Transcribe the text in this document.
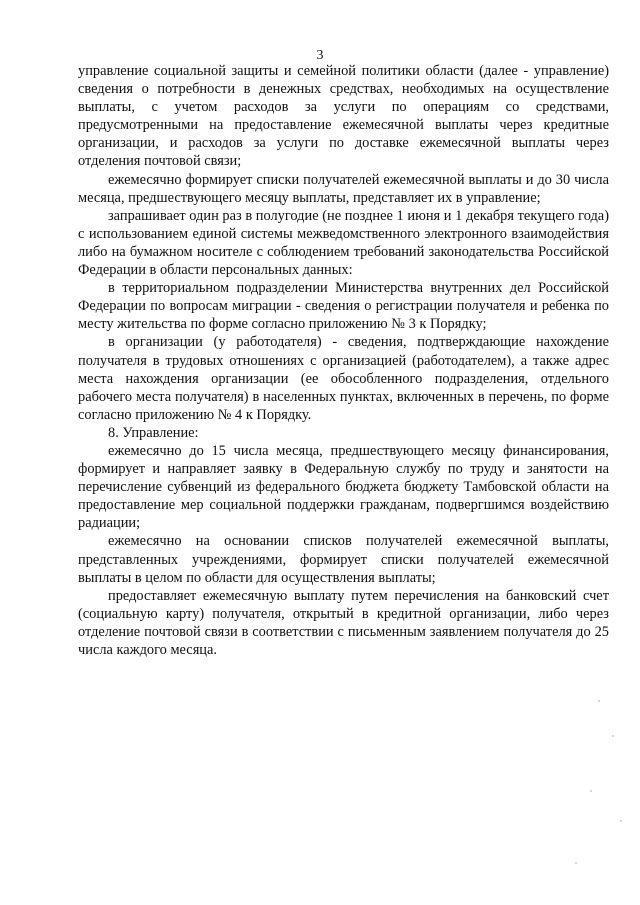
3

управление социальной защиты и семейной политики области (далее - управление) сведения о потребности в денежных средствах, необходимых на осуществление выплаты, с учетом расходов за услуги по операциям со средствами, предусмотренными на предоставление ежемесячной выплаты через кредитные организации, и расходов за услуги по доставке ежемесячной выплаты через отделения почтовой связи;

ежемесячно формирует списки получателей ежемесячной выплаты и до 30 числа месяца, предшествующего месяцу выплаты, представляет их в управление;

запрашивает один раз в полугодие (не позднее 1 июня и 1 декабря текущего года) с использованием единой системы межведомственного электронного взаимодействия либо на бумажном носителе с соблюдением требований законодательства Российской Федерации в области персональных данных:

в территориальном подразделении Министерства внутренних дел Российской Федерации по вопросам миграции - сведения о регистрации получателя и ребенка по месту жительства по форме согласно приложению № 3 к Порядку;

в организации (у работодателя) - сведения, подтверждающие нахождение получателя в трудовых отношениях с организацией (работодателем), а также адрес места нахождения организации (ее обособленного подразделения, отдельного рабочего места получателя) в населенных пунктах, включенных в перечень, по форме согласно приложению № 4 к Порядку.

8. Управление:

ежемесячно до 15 числа месяца, предшествующего месяцу финансирования, формирует и направляет заявку в Федеральную службу по труду и занятости на перечисление субвенций из федерального бюджета бюджету Тамбовской области на предоставление мер социальной поддержки гражданам, подвергшимся воздействию радиации;

ежемесячно на основании списков получателей ежемесячной выплаты, представленных учреждениями, формирует списки получателей ежемесячной выплаты в целом по области для осуществления выплаты;

предоставляет ежемесячную выплату путем перечисления на банковский счет (социальную карту) получателя, открытый в кредитной организации, либо через отделение почтовой связи в соответствии с письменным заявлением получателя до 25 числа каждого месяца.
